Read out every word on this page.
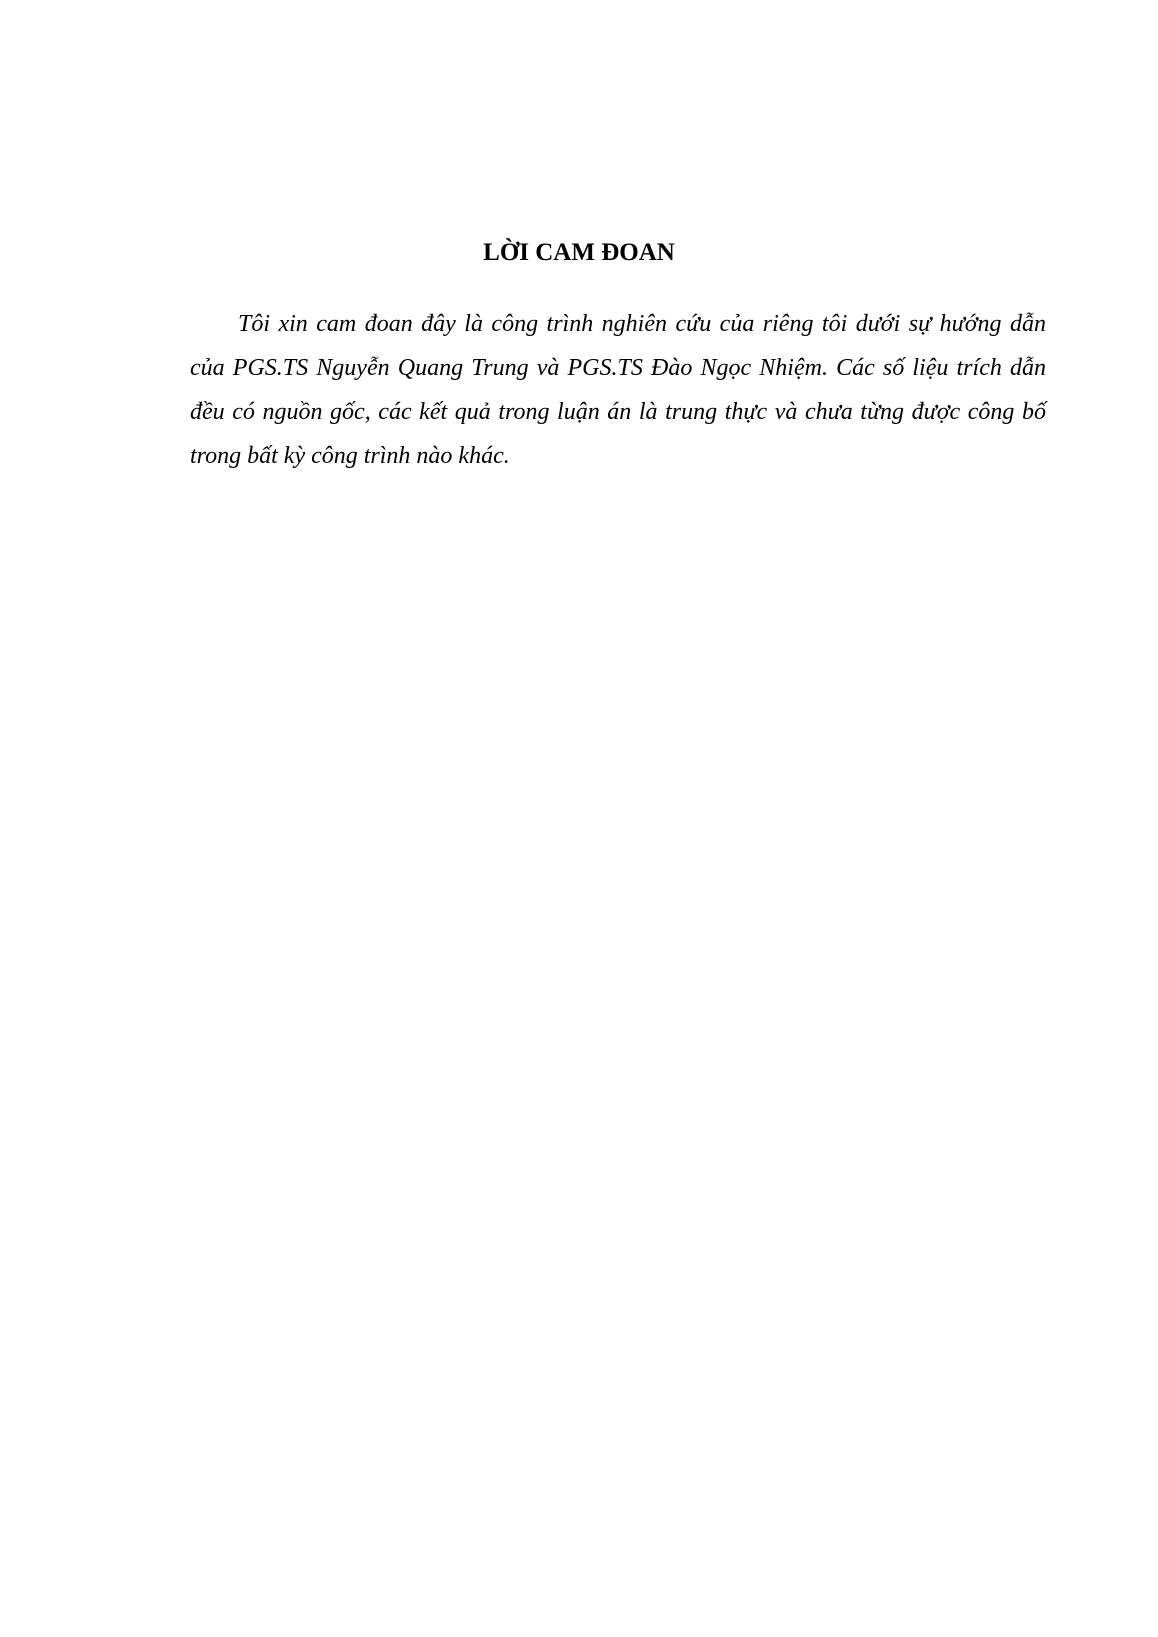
LỜI CAM ĐOAN

Tôi xin cam đoan đây là công trình nghiên cứu của riêng tôi dưới sự hướng dẫn của PGS.TS Nguyễn Quang Trung và PGS.TS Đào Ngọc Nhiệm. Các số liệu trích dẫn đều có nguồn gốc, các kết quả trong luận án là trung thực và chưa từng được công bố trong bất kỳ công trình nào khác.
